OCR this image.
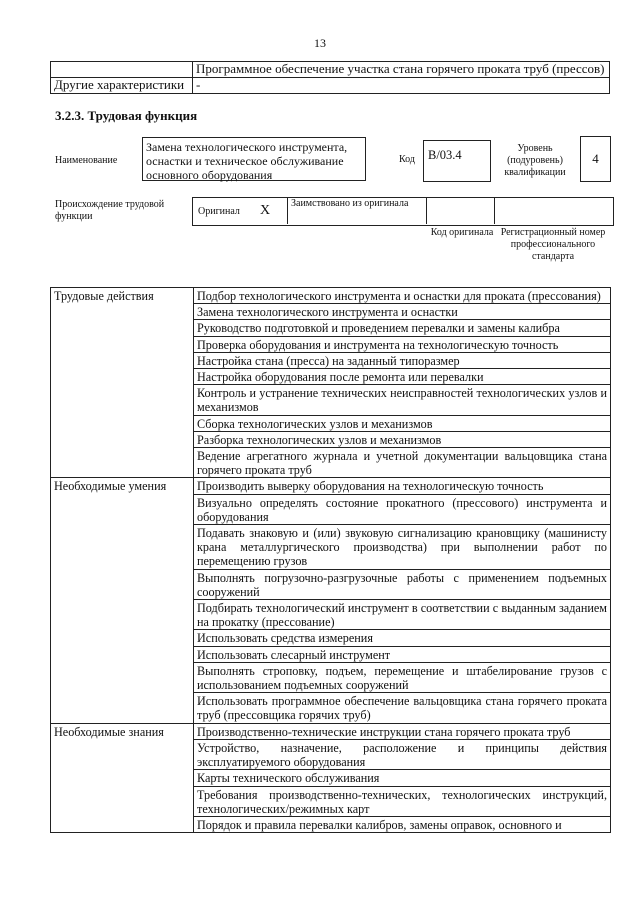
13
	Программное обеспечение участка стана горячего проката труб (прессов)
Другие характеристики	-
3.2.3. Трудовая функция
Наименование
Замена технологического инструмента, оснастки и техническое обслуживание основного оборудования
Код	B/03.4	Уровень (подуровень) квалификации
4
Происхождение трудовой функции	Оригинал X Заимствовано из оригинала
Код оригинала Регистрационный номер профессионального стандарта
Трудовые действия	Подбор технологического инструмента и оснастки для проката (прессования)
	Замена технологического инструмента и оснастки
	Руководство подготовкой и проведением перевалки и замены калибра
	Проверка оборудования и инструмента на технологическую точность
	Настройка стана (пресса) на заданный типоразмер
	Настройка оборудования после ремонта или перевалки
	Контроль и устранение технических неисправностей технологических узлов и механизмов
	Сборка технологических узлов и механизмов
	Разборка технологических узлов и механизмов
	Ведение агрегатного журнала и учетной документации вальцовщика стана горячего проката труб
Необходимые умения	Производить выверку оборудования на технологическую точность
	Визуально определять состояние прокатного (прессового) инструмента и оборудования
	Подавать знаковую и (или) звуковую сигнализацию крановщику (машинисту крана металлургического производства) при выполнении работ по перемещению грузов
	Выполнять погрузочно-разгрузочные работы с применением подъемных сооружений
	Подбирать технологический инструмент в соответствии с выданным заданием на прокатку (прессование)
	Использовать средства измерения
	Использовать слесарный инструмент
	Выполнять строповку, подъем, перемещение и штабелирование грузов с использованием подъемных сооружений
	Использовать программное обеспечение вальцовщика стана горячего проката труб (прессовщика горячих труб)
Необходимые знания	Производственно-технические инструкции стана горячего проката труб
	Устройство, назначение, расположение и принципы действия эксплуатируемого оборудования
	Карты технического обслуживания
	Требования производственно-технических, технологических инструкций, технологических/режимных карт
	Порядок и правила перевалки калибров, замены оправок, основного и
